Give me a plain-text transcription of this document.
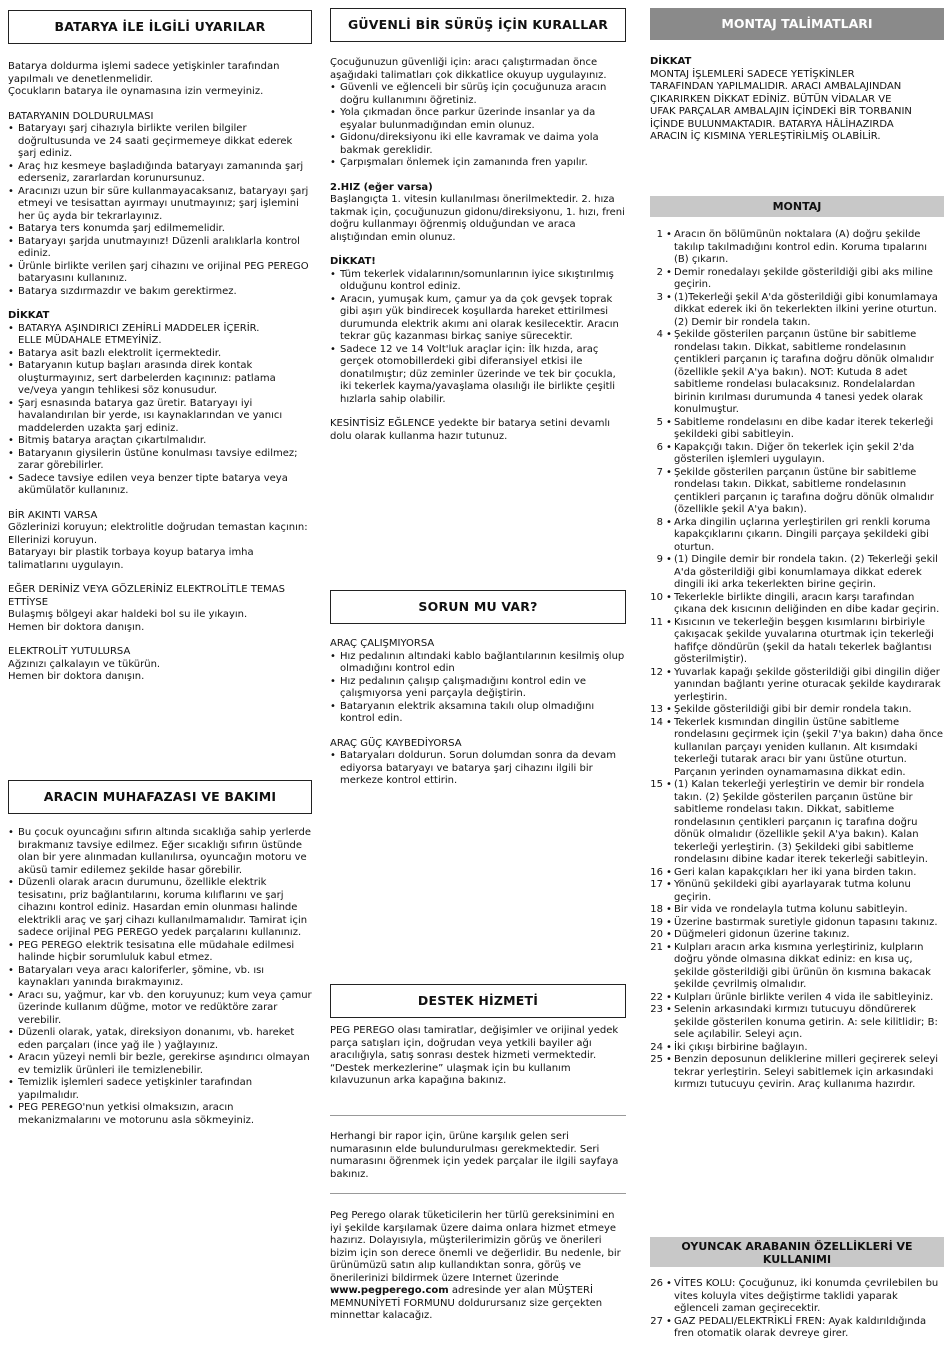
BATARYA İLE İLGİLİ UYARILAR

Batarya doldurma işlemi sadece yetişkinler tarafından yapılmalı ve denetlenmelidir.

Çocukların batarya ile oynamasına izin vermeyiniz.

BATARYANIN DOLDURULMASI

• Bataryayı şarj cihazıyla birlikte verilen bilgiler doğrultusunda ve 24 saati geçirmemeye dikkat ederek şarj ediniz.
• Araç hız kesmeye başladığında bataryayı zamanında şarj ederseniz, zararlardan korunursunuz.
• Aracınızı uzun bir süre kullanmayacaksanız, bataryayı şarj etmeyi ve tesisattan ayırmayı unutmayınız; şarj işlemini her üç ayda bir tekrarlayınız.
• Batarya ters konumda şarj edilmemelidir.
• Bataryayı şarjda unutmayınız! Düzenli aralıklarla kontrol ediniz.
• Ürünle birlikte verilen şarj cihazını ve orijinal PEG PEREGO bataryasını kullanınız.
• Batarya sızdırmazdır ve bakım gerektirmez.

DİKKAT

• BATARYA AŞINDIRICI ZEHİRLİ MADDELER İÇERİR.
ELLE MÜDAHALE ETMEYİNİZ.
• Batarya asit bazlı elektrolit içermektedir.
• Bataryanın kutup başları arasında direk kontak oluşturmayınız, sert darbelerden kaçınınız: patlama ve/veya yangın tehlikesi söz konusudur.
• Şarj esnasında batarya gaz üretir. Bataryayı iyi havalandırılan bir yerde, ısı kaynaklarından ve yanıcı maddelerden uzakta şarj ediniz.
• Bitmiş batarya araçtan çıkartılmalıdır.
• Bataryanın giysilerin üstüne konulması tavsiye edilmez; zarar görebilirler.
• Sadece tavsiye edilen veya benzer tipte batarya veya akümülatör kullanınız.

BİR AKINTI VARSA

Gözlerinizi koruyun; elektrolitle doğrudan temastan kaçının: Ellerinizi koruyun.

Bataryayı bir plastik torbaya koyup batarya imha talimatlarını uygulayın.

EĞER DERİNİZ VEYA GÖZLERİNİZ ELEKTROLİTLE TEMAS ETTİYSE

Bulaşmış bölgeyi akar haldeki bol su ile yıkayın.

Hemen bir doktora danışın.

ELEKTROLİT YUTULURSA

Ağzınızı çalkalayın ve tükürün.

Hemen bir doktora danışın.

ARACIN MUHAFAZASI VE BAKIMI
• Bu çocuk oyuncağını sıfırın altında sıcaklığa sahip yerlerde bırakmanız tavsiye edilmez. Eğer sıcaklığı sıfırın üstünde olan bir yere alınmadan kullanılırsa, oyuncağın motoru ve aküsü tamir edilemez şekilde hasar görebilir.
• Düzenli olarak aracın durumunu, özellikle elektrik tesisatını, priz bağlantılarını, koruma kılıflarını ve şarj cihazını kontrol ediniz. Hasardan emin olunması halinde elektrikli araç ve şarj cihazı kullanılmamalıdır. Tamirat için sadece orijinal PEG PEREGO yedek parçalarını kullanınız.
• PEG PEREGO elektrik tesisatına elle müdahale edilmesi halinde hiçbir sorumluluk kabul etmez.
• Bataryaları veya aracı kaloriferler, şömine, vb. ısı kaynakları yanında bırakmayınız.
• Aracı su, yağmur, kar vb. den koruyunuz; kum veya çamur üzerinde kullanım düğme, motor ve redüktöre zarar verebilir.
• Düzenli olarak, yatak, direksiyon donanımı, vb. hareket eden parçaları (ince yağ ile ) yağlayınız.
• Aracın yüzeyi nemli bir bezle, gerekirse aşındırıcı olmayan ev temizlik ürünleri ile temizlenebilir.
• Temizlik işlemleri sadece yetişkinler tarafından yapılmalıdır.
• PEG PEREGO'nun yetkisi olmaksızın, aracın mekanizmalarını ve motorunu asla sökmeyiniz.
GÜVENLİ BİR SÜRÜŞ İÇİN KURALLAR

Çocuğunuzun güvenliği için: aracı çalıştırmadan önce aşağıdaki talimatları çok dikkatlice okuyup uygulayınız.

• Güvenli ve eğlenceli bir sürüş için çocuğunuza aracın doğru kullanımını öğretiniz.
• Yola çıkmadan önce parkur üzerinde insanlar ya da eşyalar bulunmadığından emin olunuz.
• Gidonu/direksiyonu iki elle kavramak ve daima yola bakmak gereklidir.
• Çarpışmaları önlemek için zamanında fren yapılır.

2.HIZ (eğer varsa)

Başlangıçta 1. vitesin kullanılması önerilmektedir. 2. hıza takmak için, çocuğunuzun gidonu/direksiyonu, 1. hızı, freni doğru kullanmayı öğrenmiş olduğundan ve araca alıştığından emin olunuz.

DİKKAT!

• Tüm tekerlek vidalarının/somunlarının iyice sıkıştırılmış olduğunu kontrol ediniz.
• Aracın, yumuşak kum, çamur ya da çok gevşek toprak gibi aşırı yük bindirecek koşullarda hareket ettirilmesi durumunda elektrik akımı ani olarak kesilecektir. Aracın tekrar güç kazanması birkaç saniye sürecektir.
• Sadece 12 ve 14 Volt'luk araçlar için: İlk hızda, araç gerçek otomobillerdeki gibi diferansiyel etkisi ile donatılmıştır; düz zeminler üzerinde ve tek bir çocukla, iki tekerlek kayma/yavaşlama olasılığı ile birlikte çeşitli hızlarla sahip olabilir.

KESİNTİSİZ EĞLENCE yedekte bir batarya setini devamlı dolu olarak kullanma hazır tutunuz.

SORUN MU VAR?

ARAÇ ÇALIŞMIYORSA

• Hız pedalının altındaki kablo bağlantılarının kesilmiş olup olmadığını kontrol edin
• Hız pedalının çalışıp çalışmadığını kontrol edin ve çalışmıyorsa yeni parçayla değiştirin.
• Bataryanın elektrik aksamına takılı olup olmadığını kontrol edin.

ARAÇ GÜÇ KAYBEDİYORSA

• Bataryaları doldurun. Sorun dolumdan sonra da devam ediyorsa bataryayı ve batarya şarj cihazını ilgili bir merkeze kontrol ettirin.
DESTEK HİZMETİ

PEG PEREGO olası tamiratlar, değişimler ve orijinal yedek parça satışları için, doğrudan veya yetkili bayiler ağı aracılığıyla, satış sonrası destek hizmeti vermektedir.

“Destek merkezlerine” ulaşmak için bu kullanım kılavuzunun arka kapağına bakınız.

Herhangi bir rapor için, ürüne karşılık gelen seri numarasının elde bulundurulması gerekmektedir. Seri numarasını öğrenmek için yedek parçalar ile ilgili sayfaya bakınız.

Peg Perego olarak tüketicilerin her türlü gereksinimini en iyi şekilde karşılamak üzere daima onlara hizmet etmeye hazırız. Dolayısıyla, müşterilerimizin görüş ve önerileri bizim için son derece önemli ve değerlidir. Bu nedenle, bir ürünümüzü satın alıp kullandıktan sonra, görüş ve önerilerinizi bildirmek üzere Internet üzerinde www.pegperego.com adresinde yer alan MÜŞTERİ MEMNUNİYETİ FORMUNU doldurursanız size gerçekten minnettar kalacağız.

MONTAJ TALİMATLARI

DİKKAT

MONTAJ İŞLEMLERİ SADECE YETİŞKİNLER TARAFINDAN YAPILMALIDIR. ARACI AMBALAJINDAN ÇIKARIRKEN DİKKAT EDİNİZ. BÜTÜN VİDALAR VE UFAK PARÇALAR AMBALAJIN İÇİNDEKİ BİR TORBANIN İÇİNDE BULUNMAKTADIR. BATARYA HÂLİHAZIRDA ARACIN İÇ KISMINA YERLEŞTİRİLMİŞ OLABİLİR.

MONTAJ
1 • Aracın ön bölümünün noktalara (A) doğru şekilde takılıp takılmadığını kontrol edin. Koruma tıpalarını (B) çıkarın.
2 • Demir ronedalayı şekilde gösterildiği gibi aks miline geçirin.
3 • (1)Tekerleği şekil A'da gösterildiği gibi konumlamaya dikkat ederek iki ön tekerlekten ilkini yerine oturtun. (2) Demir bir rondela takın.
4 • Şekilde gösterilen parçanın üstüne bir sabitleme rondelası takın. Dikkat, sabitleme rondelasının çentikleri parçanın iç tarafına doğru dönük olmalıdır (özellikle şekil A'ya bakın). NOT: Kutuda 8 adet sabitleme rondelası bulacaksınız. Rondelalardan birinin kırılması durumunda 4 tanesi yedek olarak konulmuştur.
5 • Sabitleme rondelasını en dibe kadar iterek tekerleği şekildeki gibi sabitleyin.
6 • Kapakçığı takın. Diğer ön tekerlek için şekil 2'da gösterilen işlemleri uygulayın.
7 • Şekilde gösterilen parçanın üstüne bir sabitleme rondelası takın. Dikkat, sabitleme rondelasının çentikleri parçanın iç tarafına doğru dönük olmalıdır (özellikle şekil A'ya bakın).
8 • Arka dingilin uçlarına yerleştirilen gri renkli koruma kapakçıklarını çıkarın. Dingili parçaya şekildeki gibi oturtun.
9 • (1) Dingile demir bir rondela takın. (2) Tekerleği şekil A'da gösterildiği gibi konumlamaya dikkat ederek dingili iki arka tekerlekten birine geçirin.
10 • Tekerlekle birlikte dingili, aracın karşı tarafından çıkana dek kısıcının deliğinden en dibe kadar geçirin.
11 • Kısıcının ve tekerleğin beşgen kısımlarını birbiriyle çakışacak şekilde yuvalarına oturtmak için tekerleği hafifçe döndürün (şekil da hatalı tekerlek bağlantısı gösterilmiştir).
12 • Yuvarlak kapağı şekilde gösterildiği gibi dingilin diğer yanından bağlantı yerine oturacak şekilde kaydırarak yerleştirin.
13 • Şekilde gösterildiği gibi bir demir rondela takın.
14 • Tekerlek kısmından dingilin üstüne sabitleme rondelasını geçirmek için (şekil 7'ya bakın) daha önce kullanılan parçayı yeniden kullanın. Alt kısımdaki tekerleği tutarak aracı bir yanı üstüne oturtun. Parçanın yerinden oynamamasına dikkat edin.
15 • (1) Kalan tekerleği yerleştirin ve demir bir rondela takın. (2) Şekilde gösterilen parçanın üstüne bir sabitleme rondelası takın. Dikkat, sabitleme rondelasının çentikleri parçanın iç tarafına doğru dönük olmalıdır (özellikle şekil A'ya bakın). Kalan tekerleği yerleştirin. (3) Şekildeki gibi sabitleme rondelasını dibine kadar iterek tekerleği sabitleyin.
16 • Geri kalan kapakçıkları her iki yana birden takın.
17 • Yönünü şekildeki gibi ayarlayarak tutma kolunu geçirin.
18 • Bir vida ve rondelayla tutma kolunu sabitleyin.
19 • Üzerine bastırmak suretiyle gidonun tapasını takınız.
20 • Düğmeleri gidonun üzerine takınız.
21 • Kulpları aracın arka kısmına yerleştiriniz, kulpların doğru yönde olmasına dikkat ediniz: en kısa uç, şekilde gösterildiği gibi ürünün ön kısmına bakacak şekilde çevrilmiş olmalıdır.
22 • Kulpları ürünle birlikte verilen 4 vida ile sabitleyiniz.
23 • Selenin arkasındaki kırmızı tutucuyu döndürerek şekilde gösterilen konuma getirin. A: sele kilitlidir; B: sele açılabilir. Seleyi açın.
24 • İki çıkışı birbirine bağlayın.
25 • Benzin deposunun deliklerine milleri geçirerek seleyi tekrar yerleştirin. Seleyi sabitlemek için arkasındaki kırmızı tutucuyu çevirin. Araç kullanıma hazırdır.
OYUNCAK ARABANIN ÖZELLİKLERİ VE KULLANIMI
26 • VİTES KOLU: Çocuğunuz, iki konumda çevrilebilen bu vites koluyla vites değiştirme taklidi yaparak eğlenceli zaman geçirecektir.
27 • GAZ PEDALI/ELEKTRİKLİ FREN: Ayak kaldırıldığında fren otomatik olarak devreye girer.
